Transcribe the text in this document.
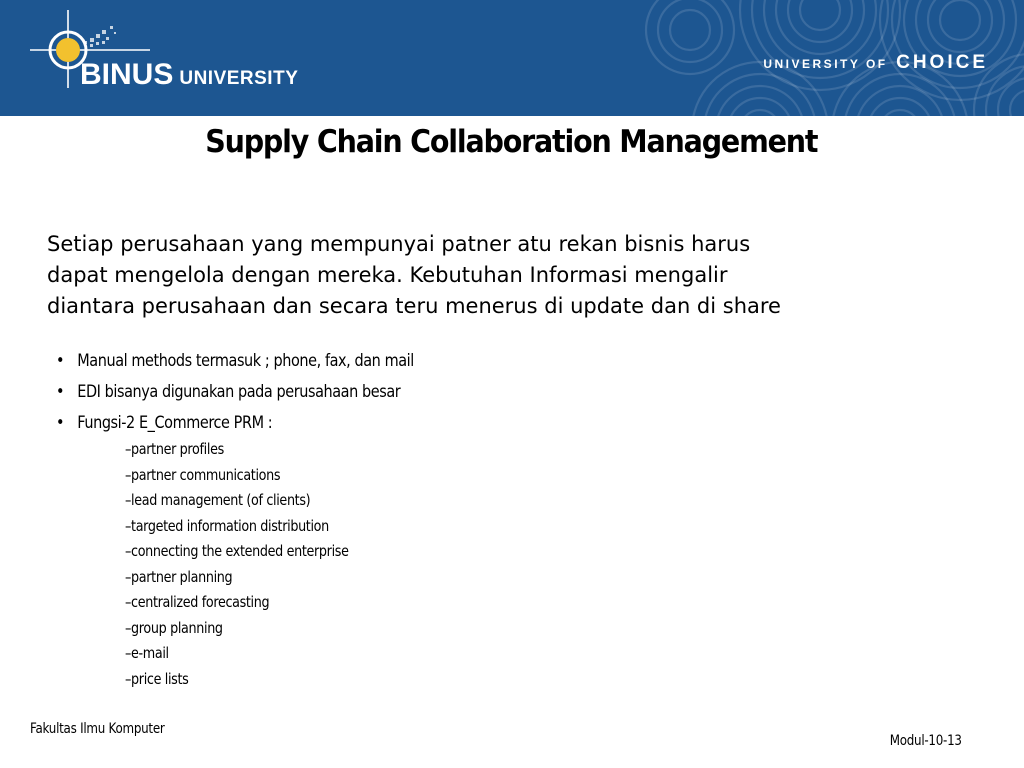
BINUS UNIVERSITY
UNIVERSITY OF CHOICE
Supply Chain Collaboration Management
Setiap perusahaan yang mempunyai patner atu rekan bisnis harus
dapat mengelola dengan mereka. Kebutuhan Informasi mengalir
diantara perusahaan dan secara teru menerus di update dan di share
• Manual methods termasuk ; phone, fax, dan mail
• EDI bisanya digunakan pada perusahaan besar
• Fungsi-2 E_Commerce PRM :
–partner profiles
–partner communications
–lead management (of clients)
–targeted information distribution
–connecting the extended enterprise
–partner planning
–centralized forecasting
–group planning
–e-mail
–price lists
Fakultas Ilmu Komputer
Modul-10-13
